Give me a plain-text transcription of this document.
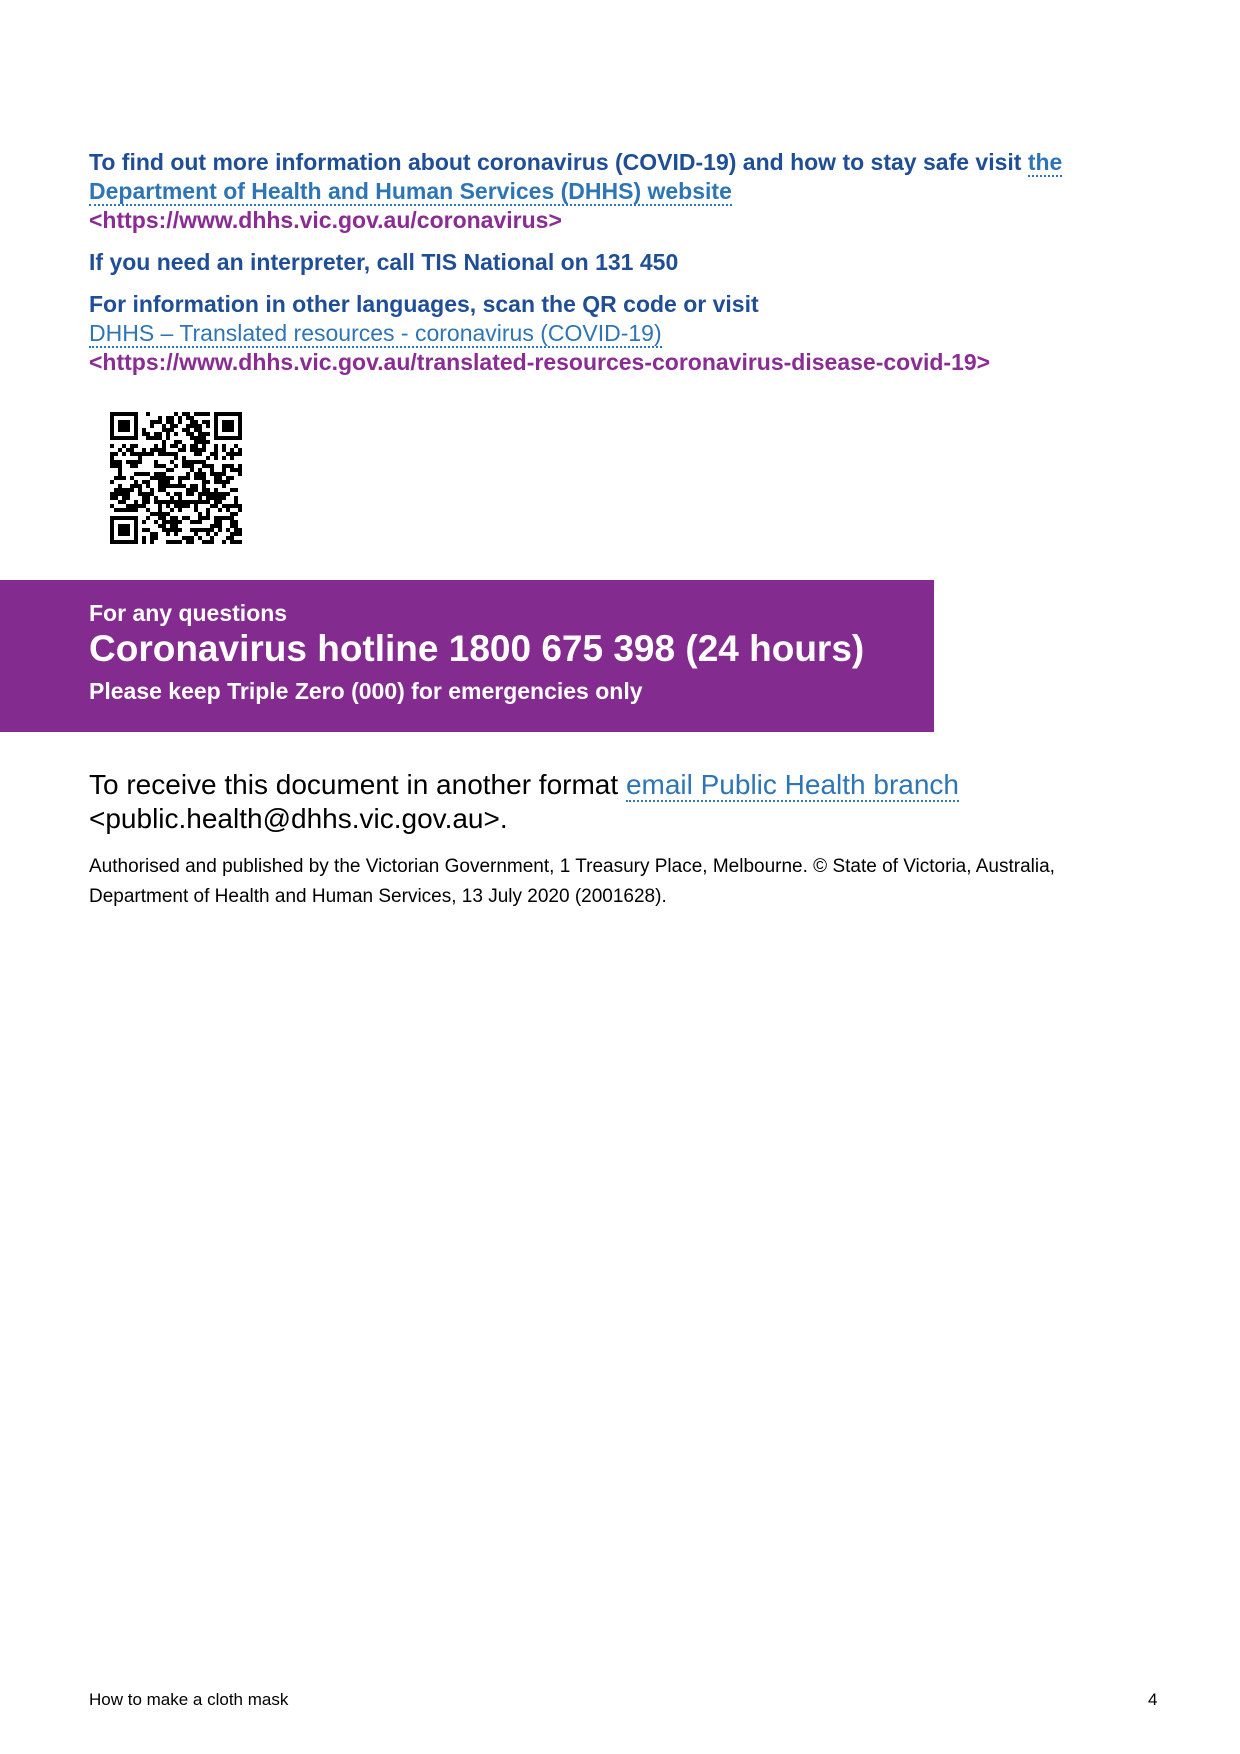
To find out more information about coronavirus (COVID-19) and how to stay safe visit the Department of Health and Human Services (DHHS) website

<https://www.dhhs.vic.gov.au/coronavirus>

If you need an interpreter, call TIS National on 131 450

For information in other languages, scan the QR code or visit

DHHS – Translated resources - coronavirus (COVID-19)

<https://www.dhhs.vic.gov.au/translated-resources-coronavirus-disease-covid-19>

For any questions
Coronavirus hotline 1800 675 398 (24 hours)
Please keep Triple Zero (000) for emergencies only
To receive this document in another format email Public Health branch
<public.health@dhhs.vic.gov.au>.
Authorised and published by the Victorian Government, 1 Treasury Place, Melbourne. © State of Victoria, Australia,
Department of Health and Human Services, 13 July 2020 (2001628).
How to make a cloth mask	4
